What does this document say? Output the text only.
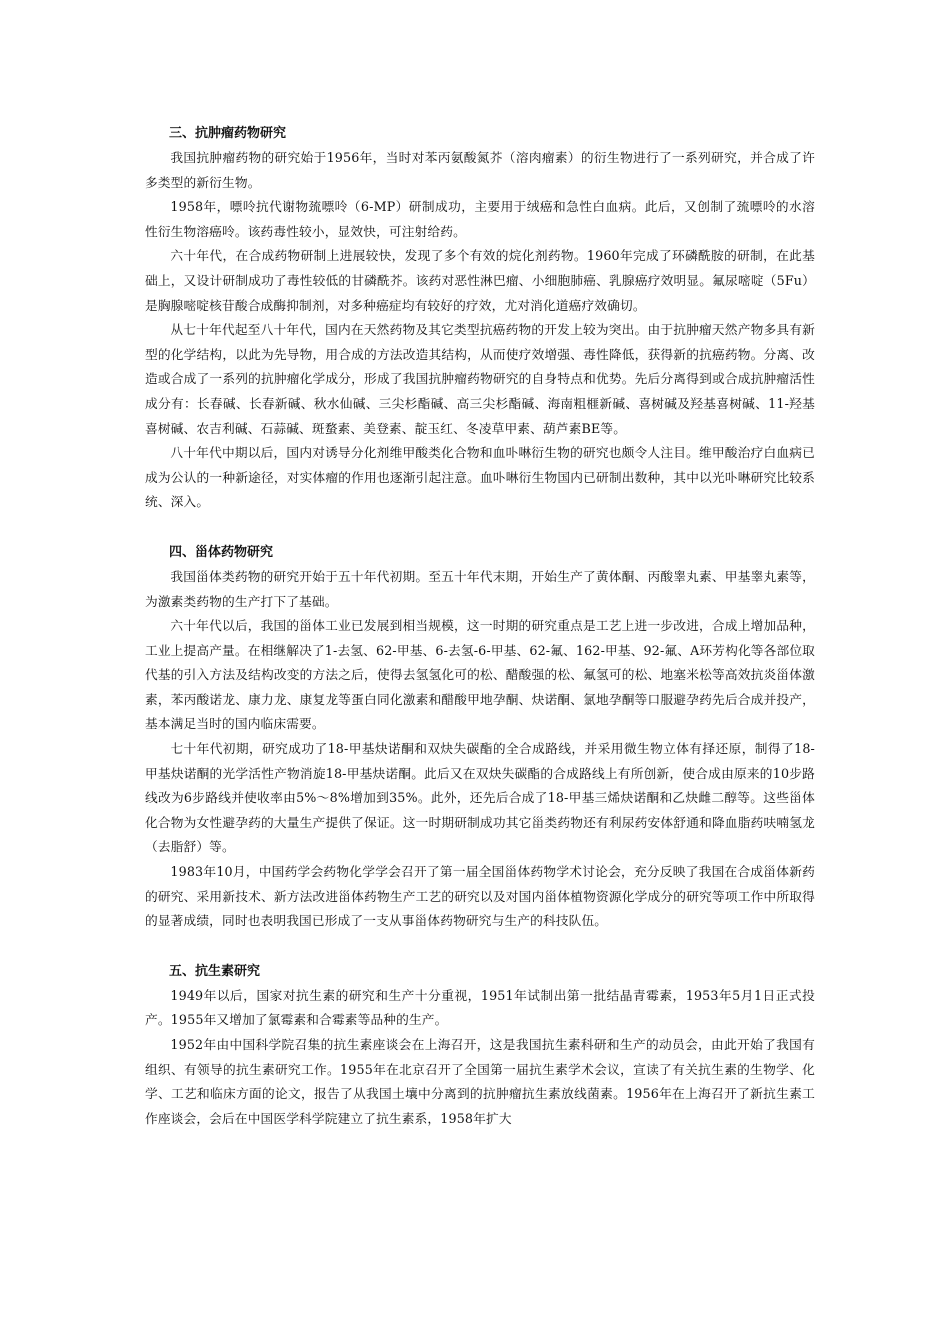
三、抗肿瘤药物研究

我国抗肿瘤药物的研究始于1956年，当时对苯丙氨酸氮芥（溶肉瘤素）的衍生物进行了一系列研究，并合成了许多类型的新衍生物。

1958年，嘌呤抗代谢物巯嘌呤（6-MP）研制成功，主要用于绒癌和急性白血病。此后，又创制了巯嘌呤的水溶性衍生物溶癌呤。该药毒性较小，显效快，可注射给药。

六十年代，在合成药物研制上进展较快，发现了多个有效的烷化剂药物。1960年完成了环磷酰胺的研制，在此基础上，又设计研制成功了毒性较低的甘磷酰芥。该药对恶性淋巴瘤、小细胞肺癌、乳腺癌疗效明显。氟尿嘧啶（5Fu）是胸腺嘧啶核苷酸合成酶抑制剂，对多种癌症均有较好的疗效，尤对消化道癌疗效确切。

从七十年代起至八十年代，国内在天然药物及其它类型抗癌药物的开发上较为突出。由于抗肿瘤天然产物多具有新型的化学结构，以此为先导物，用合成的方法改造其结构，从而使疗效增强、毒性降低，获得新的抗癌药物。分离、改造或合成了一系列的抗肿瘤化学成分，形成了我国抗肿瘤药物研究的自身特点和优势。先后分离得到或合成抗肿瘤活性成分有：长春碱、长春新碱、秋水仙碱、三尖杉酯碱、高三尖杉酯碱、海南粗榧新碱、喜树碱及羟基喜树碱、11-羟基喜树碱、农吉利碱、石蒜碱、斑蝥素、美登素、靛玉红、冬凌草甲素、葫芦素BE等。

八十年代中期以后，国内对诱导分化剂维甲酸类化合物和血卟啉衍生物的研究也颇令人注目。维甲酸治疗白血病已成为公认的一种新途径，对实体瘤的作用也逐渐引起注意。血卟啉衍生物国内已研制出数种，其中以光卟啉研究比较系统、深入。

四、甾体药物研究

我国甾体类药物的研究开始于五十年代初期。至五十年代末期，开始生产了黄体酮、丙酸睾丸素、甲基睾丸素等，为激素类药物的生产打下了基础。

六十年代以后，我国的甾体工业已发展到相当规模，这一时期的研究重点是工艺上进一步改进，合成上增加品种，工业上提高产量。在相继解决了1-去氢、62-甲基、6-去氢-6-甲基、62-氟、162-甲基、92-氟、A环芳构化等各部位取代基的引入方法及结构改变的方法之后，使得去氢氢化可的松、醋酸强的松、氟氢可的松、地塞米松等高效抗炎甾体激素，苯丙酸诺龙、康力龙、康复龙等蛋白同化激素和醋酸甲地孕酮、炔诺酮、氯地孕酮等口服避孕药先后合成并投产，基本满足当时的国内临床需要。

七十年代初期，研究成功了18-甲基炔诺酮和双炔失碳酯的全合成路线，并采用微生物立体有择还原，制得了18-甲基炔诺酮的光学活性产物消旋18-甲基炔诺酮。此后又在双炔失碳酯的合成路线上有所创新，使合成由原来的10步路线改为6步路线并使收率由5%～8%增加到35%。此外，还先后合成了18-甲基三烯炔诺酮和乙炔雌二醇等。这些甾体化合物为女性避孕药的大量生产提供了保证。这一时期研制成功其它甾类药物还有利尿药安体舒通和降血脂药呋喃氢龙（去脂舒）等。

1983年10月，中国药学会药物化学学会召开了第一届全国甾体药物学术讨论会，充分反映了我国在合成甾体新药的研究、采用新技术、新方法改进甾体药物生产工艺的研究以及对国内甾体植物资源化学成分的研究等项工作中所取得的显著成绩，同时也表明我国已形成了一支从事甾体药物研究与生产的科技队伍。

五、抗生素研究

1949年以后，国家对抗生素的研究和生产十分重视，1951年试制出第一批结晶青霉素，1953年5月1日正式投产。1955年又增加了氯霉素和合霉素等品种的生产。

1952年由中国科学院召集的抗生素座谈会在上海召开，这是我国抗生素科研和生产的动员会，由此开始了我国有组织、有领导的抗生素研究工作。1955年在北京召开了全国第一届抗生素学术会议，宣读了有关抗生素的生物学、化学、工艺和临床方面的论文，报告了从我国土壤中分离到的抗肿瘤抗生素放线菌素。1956年在上海召开了新抗生素工作座谈会，会后在中国医学科学院建立了抗生素系，1958年扩大
